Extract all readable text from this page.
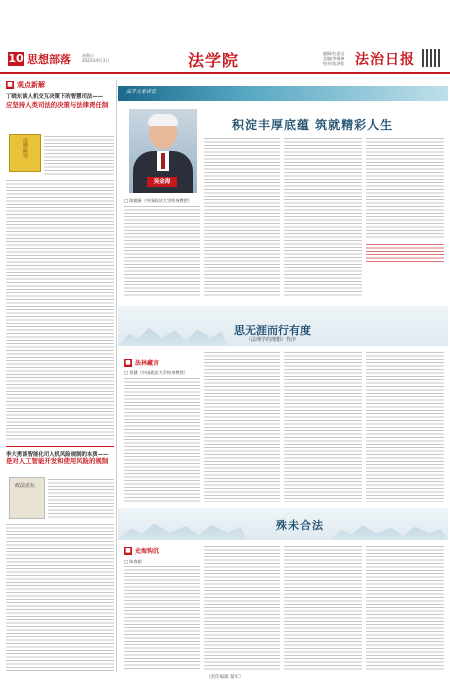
10 思想部落	星期日
2023年9月3日	法学院	编辑/杜思远
美编/李锡坤
校对/张泽钦 法治日报
■ 观点新解
丁晓东谈人机交互决策下的智慧司法——
应坚持人类司法的决策与法律责任制
法律研究
李大勇谈智能化司人机风险规制的本质——
是对人工智能开发和使用风险的规制
政法论坛
法学大家讲堂
吴金海
积淀丰厚底蕴 筑就精彩人生
□ 陈敏新（中国政法大学终身教授）
思无涯而行有度
（法理学的理想）代序
■ 法林藏言
□ 常健（中国政法大学终身教授）
殊未合法
■ 史海钩沉
□ 陈春银
（责任编辑 秦军）
